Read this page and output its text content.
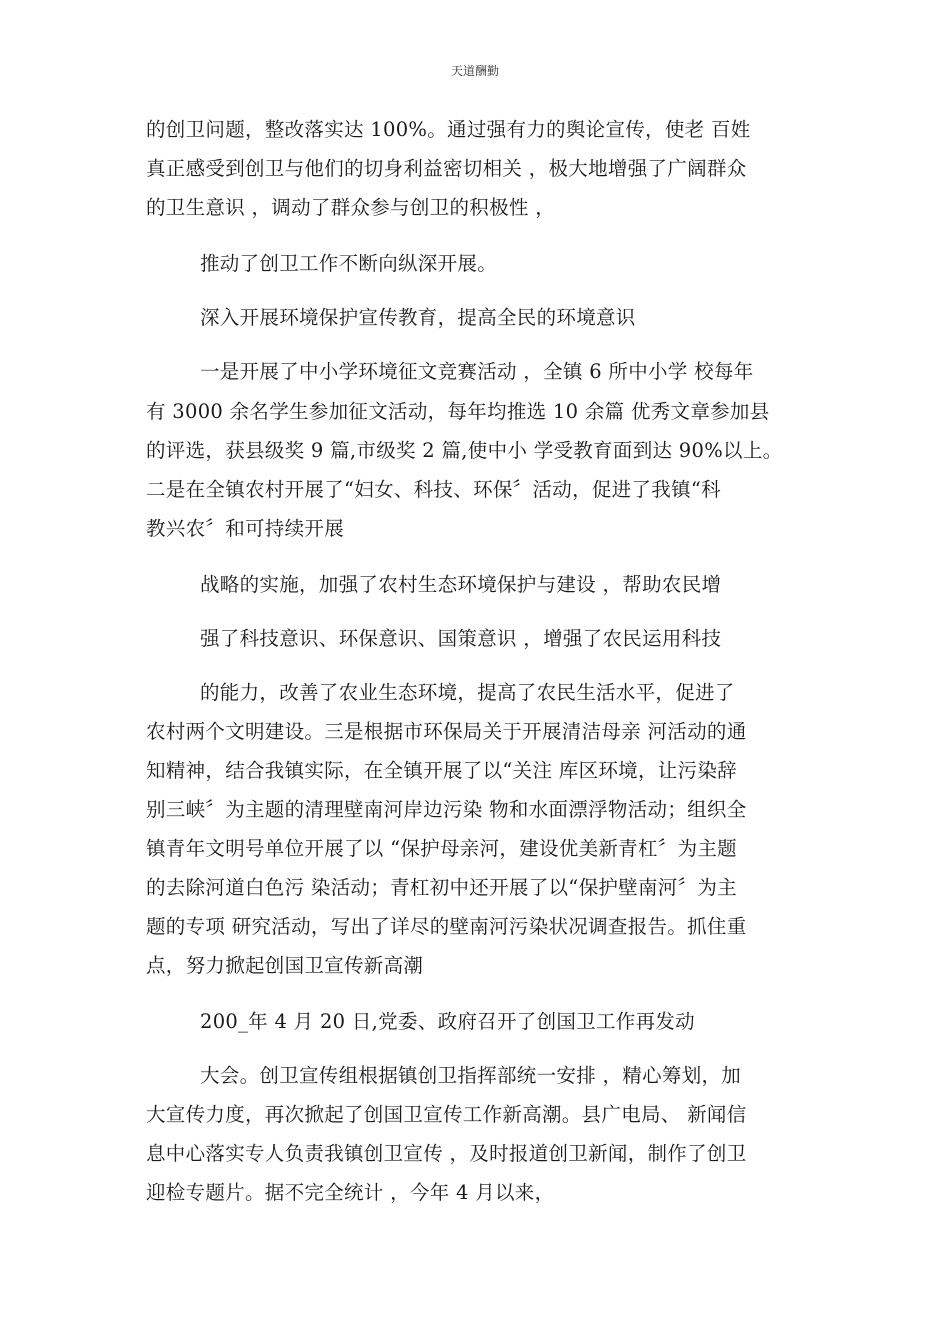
天道酬勤
的创卫问题，整改落实达 100%。通过强有力的舆论宣传，使老 百姓
真正感受到创卫与他们的切身利益密切相关 ，极大地增强了广阔群众
的卫生意识 ，调动了群众参与创卫的积极性 ，
推动了创卫工作不断向纵深开展。
深入开展环境保护宣传教育，提高全民的环境意识
一是开展了中小学环境征文竞赛活动 ，全镇 6 所中小学 校每年
有 3000 余名学生参加征文活动，每年均推选 10 余篇 优秀文章参加县
的评选，获县级奖 9 篇,市级奖 2 篇,使中小 学受教育面到达 90%以上。
二是在全镇农村开展了“妇女、科技、环保〞活动，促进了我镇“科
教兴农〞和可持续开展
战略的实施，加强了农村生态环境保护与建设 ，帮助农民增
强了科技意识、环保意识、国策意识 ，增强了农民运用科技
的能力，改善了农业生态环境，提高了农民生活水平，促进了
农村两个文明建设。三是根据市环保局关于开展清洁母亲 河活动的通
知精神，结合我镇实际，在全镇开展了以“关注 库区环境，让污染辞
别三峡〞为主题的清理壁南河岸边污染 物和水面漂浮物活动；组织全
镇青年文明号单位开展了以 “保护母亲河，建设优美新青杠〞为主题
的去除河道白色污 染活动；青杠初中还开展了以“保护壁南河〞为主
题的专项 研究活动，写出了详尽的壁南河污染状况调查报告。抓住重
点，努力掀起创国卫宣传新高潮
200_年 4 月 20 日,党委、政府召开了创国卫工作再发动
大会。创卫宣传组根据镇创卫指挥部统一安排 ，精心筹划，加
大宣传力度，再次掀起了创国卫宣传工作新高潮。县广电局、 新闻信
息中心落实专人负责我镇创卫宣传 ，及时报道创卫新闻，制作了创卫
迎检专题片。据不完全统计 ，今年 4 月以来，
